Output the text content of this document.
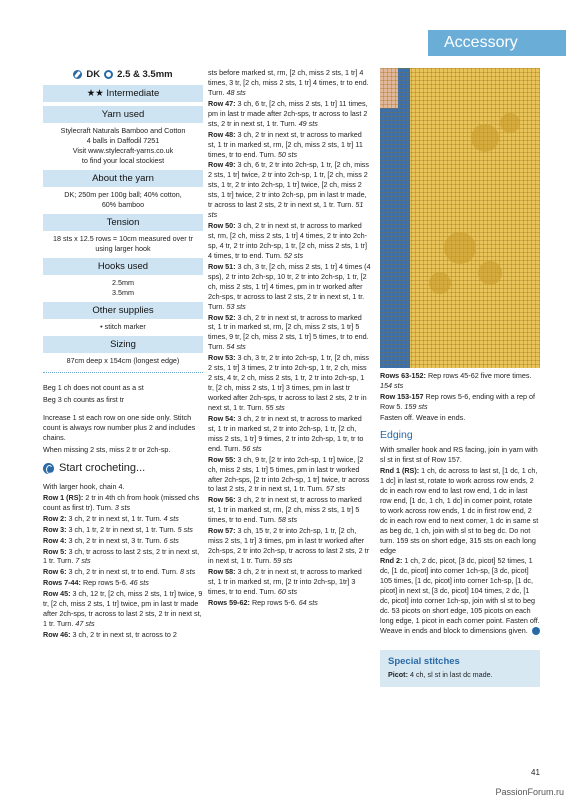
Accessory
DK 2.5 & 3.5mm
★★ Intermediate
Yarn used
Stylecraft Naturals Bamboo and Cotton
4 balls in Daffodil 7251
Visit www.stylecraft-yarns.co.uk
to find your local stockiest
About the yarn
DK; 250m per 100g ball; 40% cotton,
60% bamboo
Tension
18 sts x 12.5 rows = 10cm measured over tr
using larger hook
Hooks used
2.5mm
3.5mm
Other supplies
• stitch marker
Sizing
87cm deep x 154cm (longest edge)

Beg 1 ch does not count as a st

Beg 3 ch counts as first tr

Increase 1 st each row on one side only. Stitch count is always row number plus 2 and includes chains.

When missing 2 sts, miss 2 tr or 2ch-sp.

Start crocheting...
With larger hook, chain 4.
Row 1 (RS): 2 tr in 4th ch from hook (missed chs count as first tr). Turn. 3 sts
Row 2: 3 ch, 2 tr in next st, 1 tr. Turn. 4 sts
Row 3: 3 ch, 1 tr, 2 tr in next st, 1 tr. Turn. 5 sts
Row 4: 3 ch, 2 tr in next st, 3 tr. Turn. 6 sts
Row 5: 3 ch, tr across to last 2 sts, 2 tr in next st, 1 tr. Turn. 7 sts
Row 6: 3 ch, 2 tr in next st, tr to end. Turn. 8 sts
Rows 7-44: Rep rows 5-6. 46 sts
Row 45: 3 ch, 12 tr, [2 ch, miss 2 sts, 1 tr] twice, 9 tr, [2 ch, miss 2 sts, 1 tr] twice, pm in last tr made after 2ch-sps, tr across to last 2 sts, 2 tr in next st, 1 tr. Turn. 47 sts
Row 46: 3 ch, 2 tr in next st, tr across to 2
sts before marked st, rm, [2 ch, miss 2 sts, 1 tr] 4 times, 3 tr, [2 ch, miss 2 sts, 1 tr] 4 times, tr to end. Turn. 48 sts
Row 47: 3 ch, 6 tr, [2 ch, miss 2 sts, 1 tr] 11 times, pm in last tr made after 2ch-sps, tr across to last 2 sts, 2 tr in next st, 1 tr. Turn. 49 sts
Row 48: 3 ch, 2 tr in next st, tr across to marked st, 1 tr in marked st, rm, [2 ch, miss 2 sts, 1 tr] 11 times, tr to end. Turn. 50 sts
Row 49: 3 ch, 6 tr, 2 tr into 2ch-sp, 1 tr, [2 ch, miss 2 sts, 1 tr] twice, 2 tr into 2ch-sp, 1 tr, [2 ch, miss 2 sts, 1 tr, 2 tr into 2ch-sp, 1 tr] twice, [2 ch, miss 2 sts, 1 tr] twice, 2 tr into 2ch-sp, pm in last tr made, tr across to last 2 sts, 2 tr in next st, 1 tr. Turn. 51 sts
Row 50: 3 ch, 2 tr in next st, tr across to marked st, rm, [2 ch, miss 2 sts, 1 tr] 4 times, 2 tr into 2ch-sp, 4 tr, 2 tr into 2ch-sp, 1 tr, [2 ch, miss 2 sts, 1 tr] 4 times, tr to end. Turn. 52 sts
Row 51: 3 ch, 3 tr, [2 ch, miss 2 sts, 1 tr] 4 times (4 sps), 2 tr into 2ch-sp, 10 tr, 2 tr into 2ch-sp, 1 tr, [2 ch, miss 2 sts, 1 tr] 4 times, pm in tr worked after 2ch-sps, tr across to last 2 sts, 2 tr in next st, 1 tr. Turn. 53 sts
Row 52: 3 ch, 2 tr in next st, tr across to marked st, 1 tr in marked st, rm, [2 ch, miss 2 sts, 1 tr] 5 times, 9 tr, [2 ch, miss 2 sts, 1 tr] 5 times, tr to end. Turn. 54 sts
Row 53: 3 ch, 3 tr, 2 tr into 2ch-sp, 1 tr, [2 ch, miss 2 sts, 1 tr] 3 times, 2 tr into 2ch-sp, 1 tr, 2 ch, miss 2 sts, 4 tr, 2 ch, miss 2 sts, 1 tr, 2 tr into 2ch-sp, 1 tr, [2 ch, miss 2 sts, 1 tr] 3 times, pm in last tr worked after 2ch-sps, tr across to last 2 sts, 2 tr in next st, 1 tr. Turn. 55 sts
Row 54: 3 ch, 2 tr in next st, tr across to marked st, 1 tr in marked st, 2 tr into 2ch-sp, 1 tr, [2 ch, miss 2 sts, 1 tr] 9 times, 2 tr into 2ch-sp, 1 tr, tr to end. Turn. 56 sts
Row 55: 3 ch, 9 tr, [2 tr into 2ch-sp, 1 tr] twice, [2 ch, miss 2 sts, 1 tr] 5 times, pm in last tr worked after 2ch-sps, [2 tr into 2ch-sp, 1 tr] twice, tr across to last 2 sts, 2 tr in next st, 1 tr. Turn. 57 sts
Row 56: 3 ch, 2 tr in next st, tr across to marked st, 1 tr in marked st, rm, [2 ch, miss 2 sts, 1 tr] 5 times, tr to end. Turn. 58 sts
Row 57: 3 ch, 15 tr, 2 tr into 2ch-sp, 1 tr, [2 ch, miss 2 sts, 1 tr] 3 times, pm in last tr worked after 2ch-sps, 2 tr into 2ch-sp, tr across to last 2 sts, 2 tr in next st, 1 tr. Turn. 59 sts
Row 58: 3 ch, 2 tr in next st, tr across to marked st, 1 tr in marked st, rm, [2 tr into 2ch-sp, 1tr] 3 times, tr to end. Turn. 60 sts
Rows 59-62: Rep rows 5-6. 64 sts
Rows 63-152: Rep rows 45-62 five more times. 154 sts
Row 153-157 Rep rows 5-6, ending with a rep of Row 5. 159 sts
Fasten off. Weave in ends.
Edging
With smaller hook and RS facing, join in yarn with sl st in first st of Row 157.
Rnd 1 (RS): 1 ch, dc across to last st, [1 dc, 1 ch, 1 dc] in last st, rotate to work across row ends, 2 dc in each row end to last row end, 1 dc in last row end, [1 dc, 1 ch, 1 dc] in corner point, rotate to work across row ends, 1 dc in first row end, 2 dc in each row end to next corner, 1 dc in same st as beg dc, 1 ch, join with sl st to beg dc. Do not turn. 159 sts on short edge, 315 sts on each long edge
Rnd 2: 1 ch, 2 dc, picot, [3 dc, picot] 52 times, 1 dc, [1 dc, picot] into corner 1ch-sp, [3 dc, picot] 105 times, [1 dc, picot] into corner 1ch-sp, [1 dc, picot] in next st, [3 dc, picot] 104 times, 2 dc, [1 dc, picot] into corner 1ch-sp, join with sl st to beg dc. 53 picots on short edge, 105 picots on each long edge, 1 picot in each corner point. Fasten off. Weave in ends and block to dimensions given.
Special stitches
Picot: 4 ch, sl st in last dc made.
41
PassionForum.ru
